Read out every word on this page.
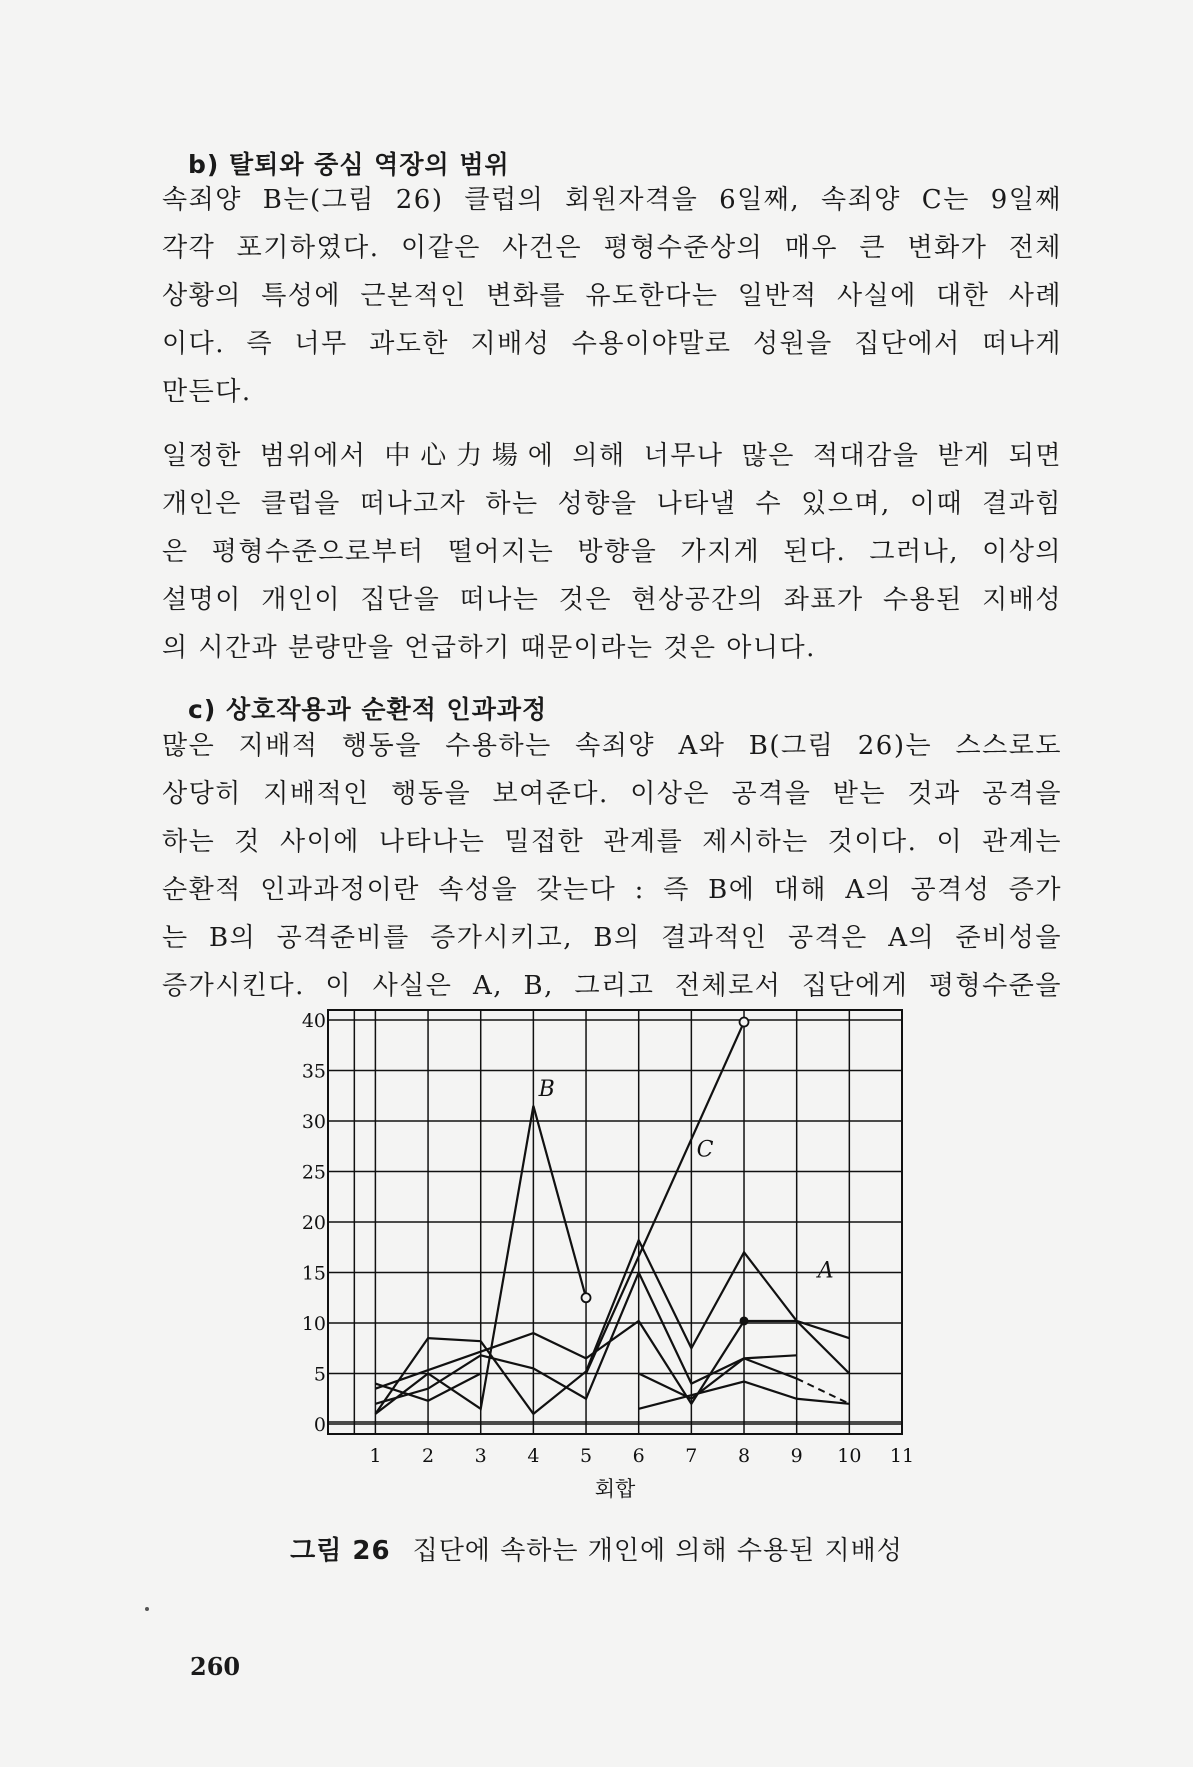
b) 탈퇴와 중심 역장의 범위
속죄양 B는(그림 26) 클럽의 회원자격을 6일째, 속죄양 C는 9일째
각각 포기하였다. 이같은 사건은 평형수준상의 매우 큰 변화가 전체
상황의 특성에 근본적인 변화를 유도한다는 일반적 사실에 대한 사례
이다. 즉 너무 과도한 지배성 수용이야말로 성원을 집단에서 떠나게
만든다.
일정한 범위에서 中心力場에 의해 너무나 많은 적대감을 받게 되면
개인은 클럽을 떠나고자 하는 성향을 나타낼 수 있으며, 이때 결과힘
은 평형수준으로부터 떨어지는 방향을 가지게 된다. 그러나, 이상의
설명이 개인이 집단을 떠나는 것은 현상공간의 좌표가 수용된 지배성
의 시간과 분량만을 언급하기 때문이라는 것은 아니다.
c) 상호작용과 순환적 인과과정
많은 지배적 행동을 수용하는 속죄양 A와 B(그림 26)는 스스로도
상당히 지배적인 행동을 보여준다. 이상은 공격을 받는 것과 공격을
하는 것 사이에 나타나는 밀접한 관계를 제시하는 것이다. 이 관계는
순환적 인과과정이란 속성을 갖는다 : 즉 B에 대해 A의 공격성 증가
는 B의 공격준비를 증가시키고, B의 결과적인 공격은 A의 준비성을
증가시킨다. 이 사실은 A, B, 그리고 전체로서 집단에게 평형수준을
1 2 3 4 5 6 7 8 9 10 11
0
5
10
15
20
25
30
35
40
회합
B
C
A
그림 26 집단에 속하는 개인에 의해 수용된 지배성
260
